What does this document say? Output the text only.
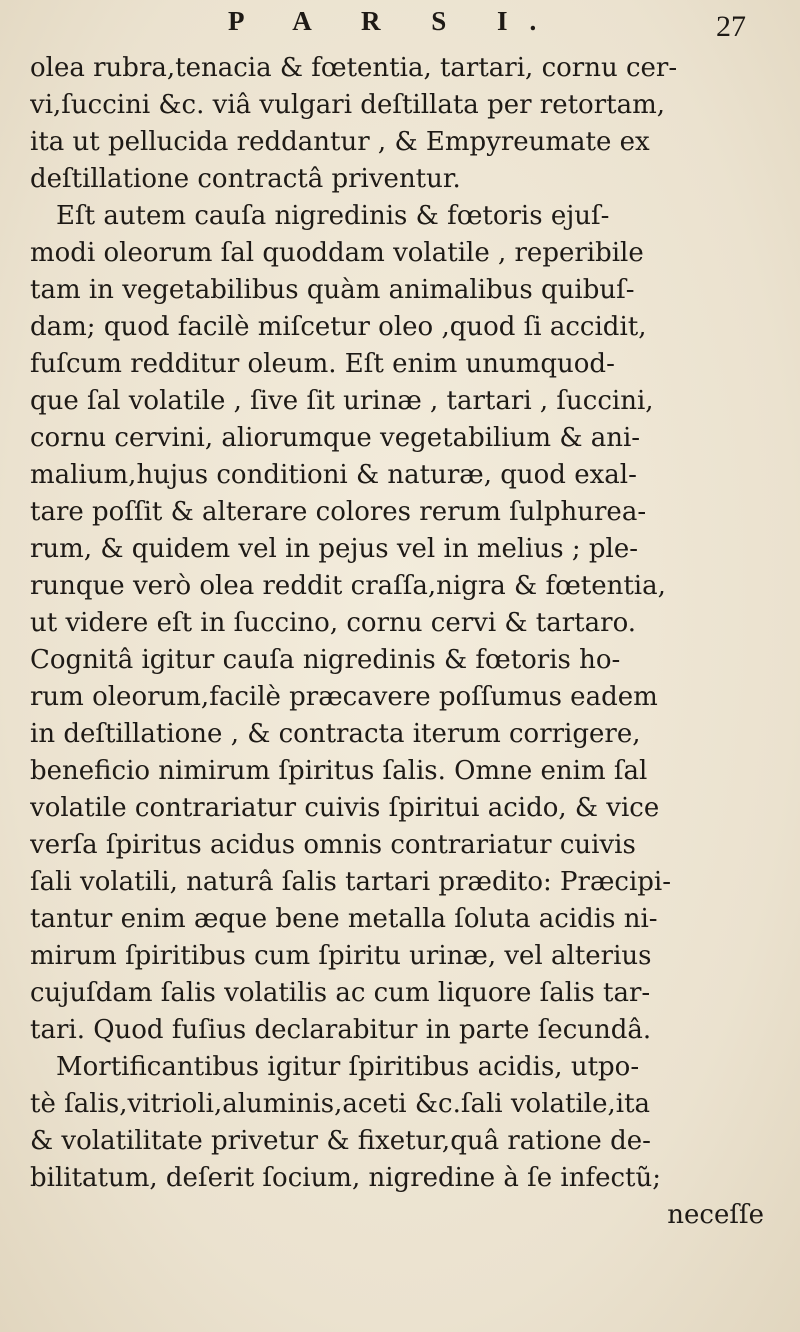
P A R S I.	27
olea rubra,tenacia & fœtentia, tartari, cornu cer-
vi,ſuccini &c. viâ vulgari deſtillata per retortam,
ita ut pellucida reddantur , & Empyreumate ex
deſtillatione contractâ priventur.
Eſt autem cauſa nigredinis & fœtoris ejuſ-
modi oleorum ſal quoddam volatile , reperibile
tam in vegetabilibus quàm animalibus quibuſ-
dam; quod facilè miſcetur oleo ,quod ſi accidit,
fuſcum redditur oleum. Eſt enim unumquod-
que ſal volatile , ſive ſit urinæ , tartari , ſuccini,
cornu cervini, aliorumque vegetabilium & ani-
malium,hujus conditioni & naturæ, quod exal-
tare poſſit & alterare colores rerum ſulphurea-
rum, & quidem vel in pejus vel in melius ; ple-
runque verò olea reddit craſſa,nigra & fœtentia,
ut videre eſt in ſuccino, cornu cervi & tartaro.
Cognitâ igitur cauſa nigredinis & fœtoris ho-
rum oleorum,facilè præcavere poſſumus eadem
in deſtillatione , & contracta iterum corrigere,
beneficio nimirum ſpiritus ſalis. Omne enim ſal
volatile contrariatur cuivis ſpiritui acido, & vice
verſa ſpiritus acidus omnis contrariatur cuivis
ſali volatili, naturâ ſalis tartari prædito: Præcipi-
tantur enim æque bene metalla ſoluta acidis ni-
mirum ſpiritibus cum ſpiritu urinæ, vel alterius
cujuſdam ſalis volatilis ac cum liquore ſalis tar-
tari. Quod fuſius declarabitur in parte ſecundâ.
Mortificantibus igitur ſpiritibus acidis, utpo-
tè ſalis,vitrioli,aluminis,aceti &c.ſali volatile,ita
& volatilitate privetur & fixetur,quâ ratione de-
bilitatum, deſerit ſocium, nigredine à ſe infectũ;
neceſſe
